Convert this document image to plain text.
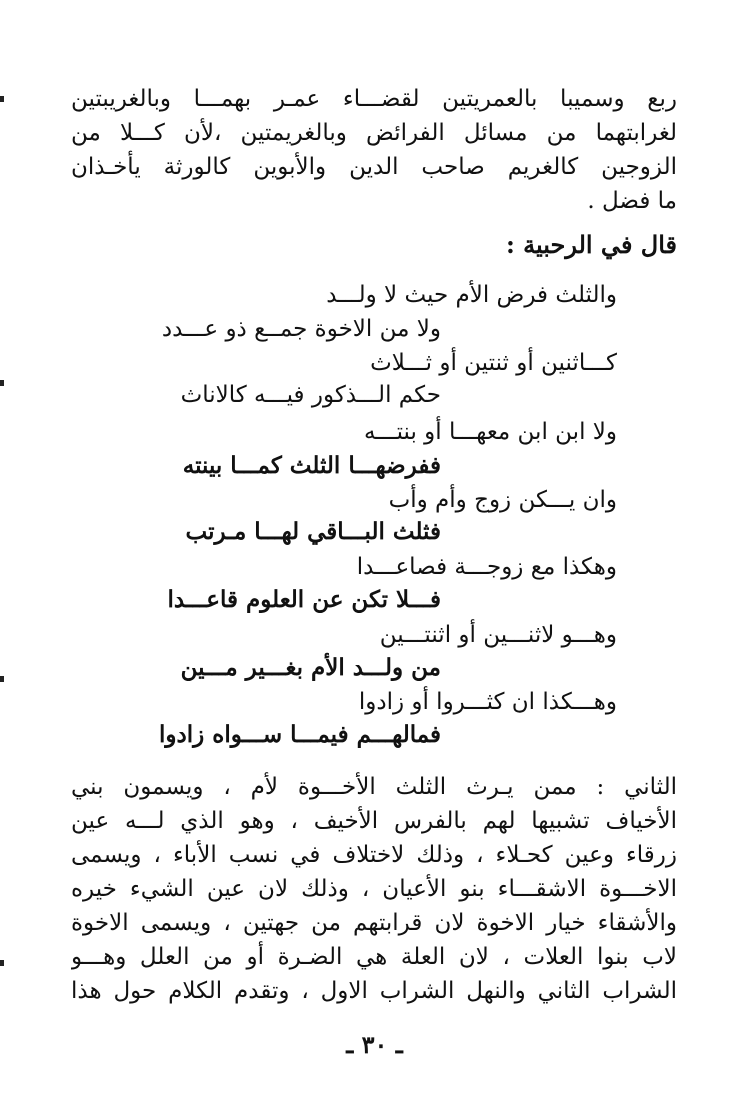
ربع وسميبا بالعمريتين لقضـــاء عمـر بهمـــا وبالغريبتين
لغرابتهما من مسائل الفرائض وبالغريمتين ،لأن كـــلا من
الزوجين كالغريم صاحب الدين والأبوين كالورثة يأخـذان
ما فضل .
قال في الرحبية :
والثلث فرض الأم حيث لا ولـــد
ولا من الاخوة جمــع ذو عـــدد
كـــاثنين أو ثنتين أو ثـــلاث
حكم الـــذكور فيـــه كالاناث
ولا ابن ابن معهـــا أو بنتـــه
ففرضهـــا الثلث كمـــا بينته
وان يـــكن زوج وأم وأب
فثلث البـــاقي لهـــا مـرتب
وهكذا مع زوجـــة فصاعـــدا
فـــلا تكن عن العلوم قاعـــدا
وهـــو لاثنـــين أو اثنتـــين
من ولـــد الأم بغـــير مـــين
وهـــكذا ان كثـــروا أو زادوا
فمالهـــم فيمـــا ســـواه زادوا
الثاني : ممن يـرث الثلث الأخـــوة لأم ، ويسمون بني
الأخياف تشبيها لهم بالفرس الأخيف ، وهو الذي لـــه عين
زرقاء وعين كحـلاء ، وذلك لاختلاف في نسب الأباء ، ويسمى
الاخـــوة الاشقـــاء بنو الأعيان ، وذلك لان عين الشيء خيره
والأشقاء خيار الاخوة لان قرابتهم من جهتين ، ويسمى الاخوة
لاب بنوا العلات ، لان العلة هي الضـرة أو من العلل وهـــو
الشراب الثاني والنهل الشراب الاول ، وتقدم الكلام حول هذا
ـ ٣٠ ـ
